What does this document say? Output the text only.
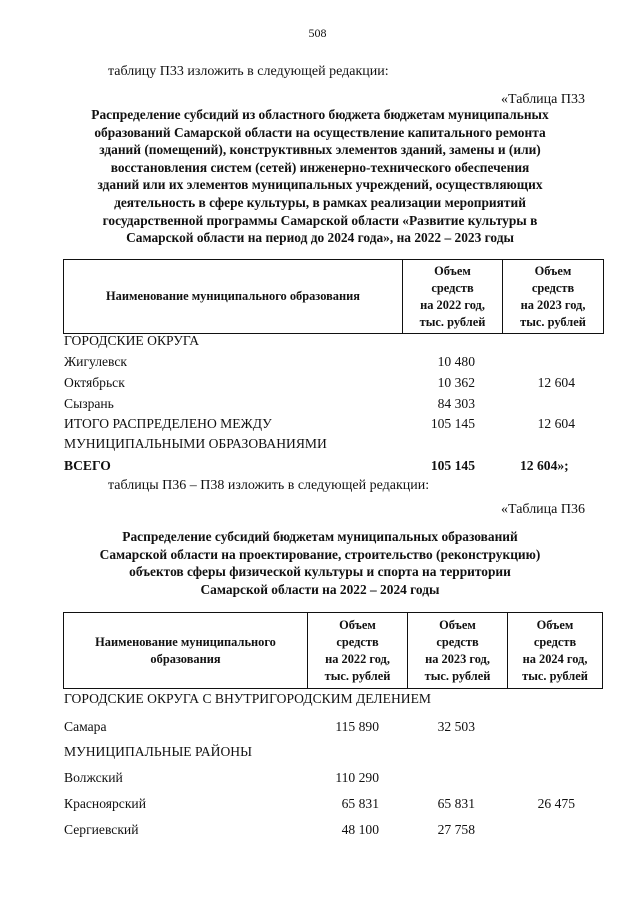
508
таблицу П33 изложить в следующей редакции:
«Таблица П33
Распределение субсидий из областного бюджета бюджетам муниципальных
образований Самарской области на осуществление капитального ремонта
зданий (помещений), конструктивных элементов зданий, замены и (или)
восстановления систем (сетей) инженерно-технического обеспечения
зданий или их элементов муниципальных учреждений, осуществляющих
деятельность в сфере культуры, в рамках реализации мероприятий
государственной программы Самарской области «Развитие культуры в
Самарской области на период до 2024 года», на 2022 – 2023 годы
Наименование муниципального образования	
Объем
средств
на 2022 год,
тыс. рублей

Объем
средств
на 2023 год,
тыс. рублей
ГОРОДСКИЕ ОКРУГА
Жигулевск	10 480
Октябрьск	10 362	12 604
Сызрань	84 303
ИТОГО РАСПРЕДЕЛЕНО МЕЖДУ	105 145	12 604
МУНИЦИПАЛЬНЫМИ ОБРАЗОВАНИЯМИ
ВСЕГО	105 145	12 604»;
таблицы П36 – П38 изложить в следующей редакции:
«Таблица П36
Распределение субсидий бюджетам муниципальных образований
Самарской области на проектирование, строительство (реконструкцию)
объектов сферы физической культуры и спорта на территории
Самарской области на 2022 – 2024 годы
Наименование муниципального
образования

Объем
средств
на 2022 год,
тыс. рублей

Объем
средств
на 2023 год,
тыс. рублей

Объем
средств
на 2024 год,
тыс. рублей
ГОРОДСКИЕ ОКРУГА С ВНУТРИГОРОДСКИМ ДЕЛЕНИЕМ
Самара	115 890	32 503
МУНИЦИПАЛЬНЫЕ РАЙОНЫ
Волжский	110 290
Красноярский	65 831	65 831	26 475
Сергиевский	48 100	27 758
